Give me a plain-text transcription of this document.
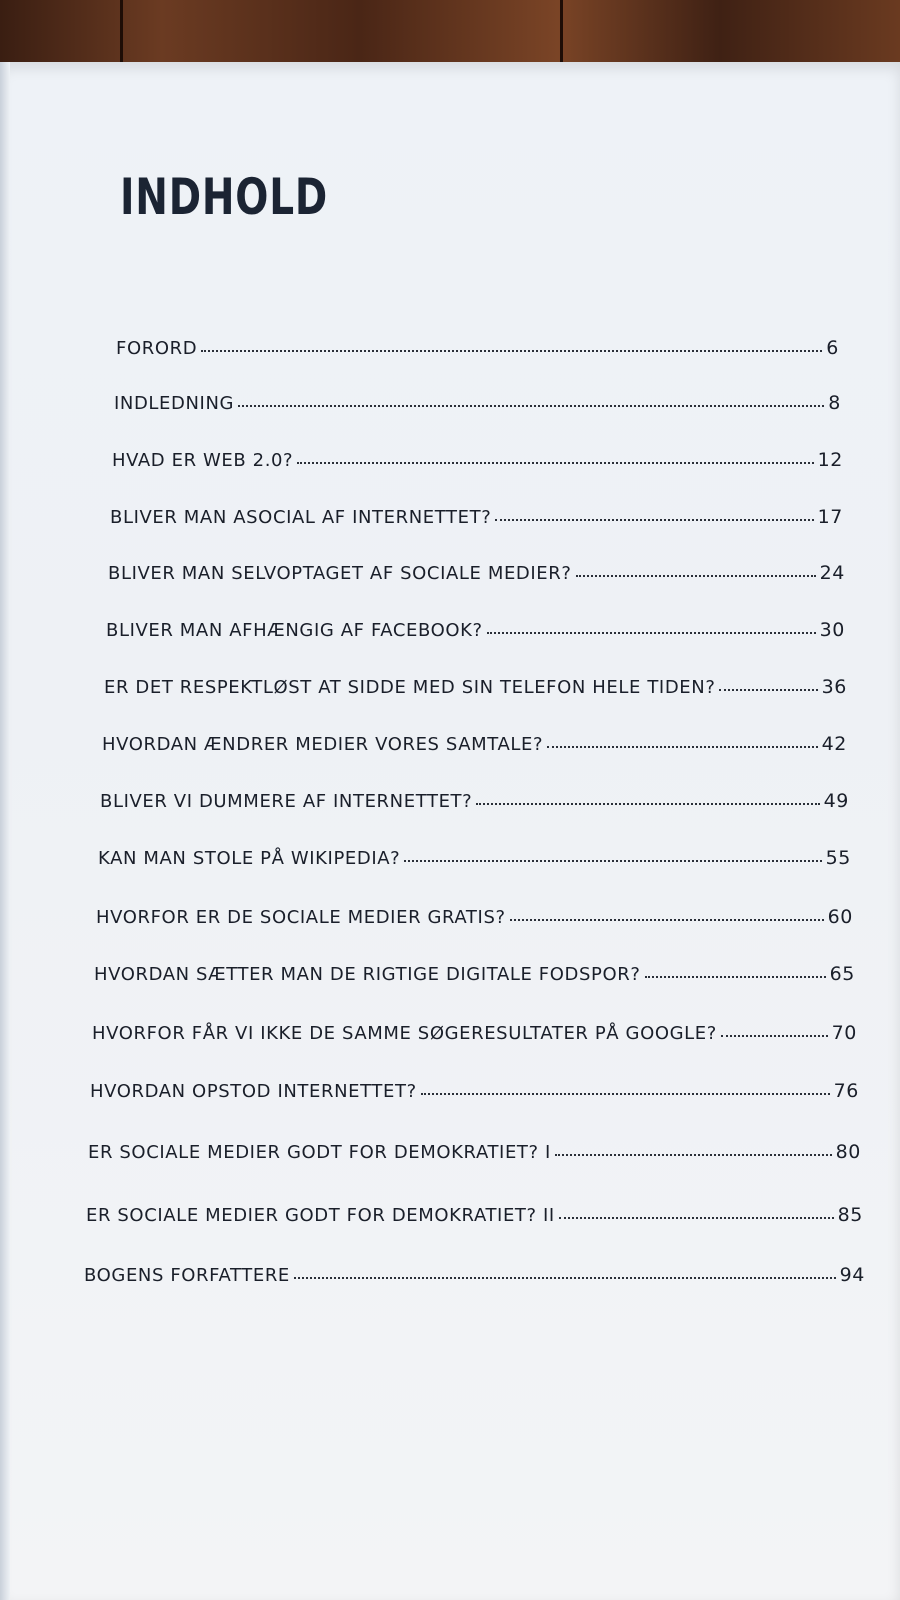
INDHOLD
FORORD	6
INDLEDNING	8
HVAD ER WEB 2.0?	12
BLIVER MAN ASOCIAL AF INTERNETTET?	17
BLIVER MAN SELVOPTAGET AF SOCIALE MEDIER?	24
BLIVER MAN AFHÆNGIG AF FACEBOOK?	30
ER DET RESPEKTLØST AT SIDDE MED SIN TELEFON HELE TIDEN?	36
HVORDAN ÆNDRER MEDIER VORES SAMTALE?	42
BLIVER VI DUMMERE AF INTERNETTET?	49
KAN MAN STOLE PÅ WIKIPEDIA?	55
HVORFOR ER DE SOCIALE MEDIER GRATIS?	60
HVORDAN SÆTTER MAN DE RIGTIGE DIGITALE FODSPOR?	65
HVORFOR FÅR VI IKKE DE SAMME SØGERESULTATER PÅ GOOGLE?	70
HVORDAN OPSTOD INTERNETTET?	76
ER SOCIALE MEDIER GODT FOR DEMOKRATIET? I	80
ER SOCIALE MEDIER GODT FOR DEMOKRATIET? II	85
BOGENS FORFATTERE	94
